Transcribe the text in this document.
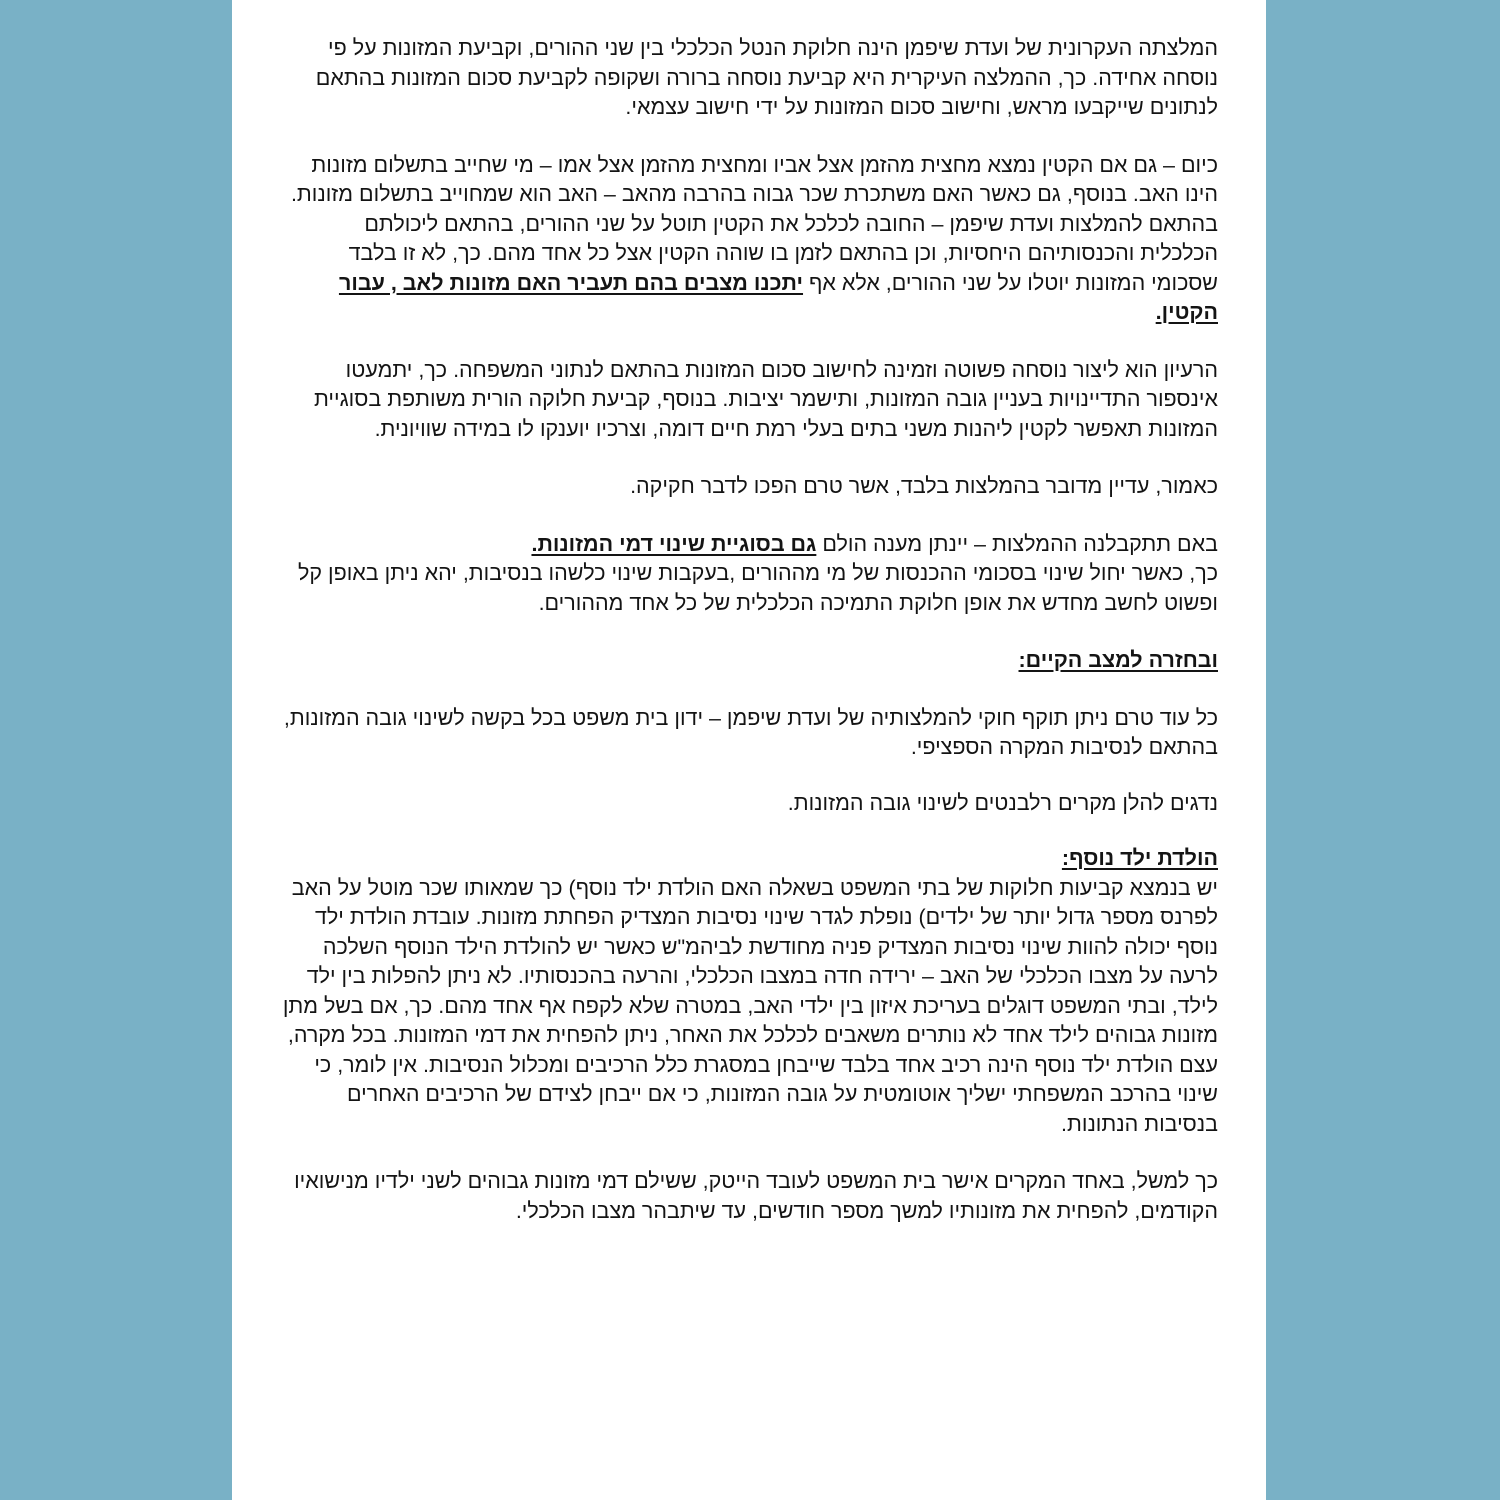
המלצתה העקרונית של ועדת שיפמן הינה חלוקת הנטל הכלכלי בין שני ההורים, וקביעת המזונות על פי נוסחה אחידה. כך, ההמלצה העיקרית היא קביעת נוסחה ברורה ושקופה לקביעת סכום המזונות בהתאם לנתונים שייקבעו מראש, וחישוב סכום המזונות על ידי חישוב עצמאי.

כיום – גם אם הקטין נמצא מחצית מהזמן אצל אביו ומחצית מהזמן אצל אמו – מי שחייב בתשלום מזונות הינו האב. בנוסף, גם כאשר האם משתכרת שכר גבוה בהרבה מהאב – האב הוא שמחוייב בתשלום מזונות.

בהתאם להמלצות ועדת שיפמן – החובה לכלכל את הקטין תוטל על שני ההורים, בהתאם ליכולתם הכלכלית והכנסותיהם היחסיות, וכן בהתאם לזמן בו שוהה הקטין אצל כל אחד מהם. כך, לא זו בלבד שסכומי המזונות יוטלו על שני ההורים, אלא אף יתכנו מצבים בהם תעביר האם מזונות לאב , עבור הקטין.

הרעיון הוא ליצור נוסחה פשוטה וזמינה לחישוב סכום המזונות בהתאם לנתוני המשפחה. כך, יתמעטו אינספור התדיינויות בעניין גובה המזונות, ותישמר יציבות. בנוסף, קביעת חלוקה הורית משותפת בסוגיית המזונות תאפשר לקטין ליהנות משני בתים בעלי רמת חיים דומה, וצרכיו יוענקו לו במידה שוויונית.

כאמור, עדיין מדובר בהמלצות בלבד, אשר טרם הפכו לדבר חקיקה.

באם תתקבלנה ההמלצות – יינתן מענה הולם גם בסוגיית שינוי דמי המזונות.

כך, כאשר יחול שינוי בסכומי ההכנסות של מי מההורים ,בעקבות שינוי כלשהו בנסיבות, יהא ניתן באופן קל ופשוט לחשב מחדש את אופן חלוקת התמיכה הכלכלית של כל אחד מההורים.

ובחזרה למצב הקיים:

כל עוד טרם ניתן תוקף חוקי להמלצותיה של ועדת שיפמן – ידון בית משפט בכל בקשה לשינוי גובה המזונות, בהתאם לנסיבות המקרה הספציפי.

נדגים להלן מקרים רלבנטים לשינוי גובה המזונות.

הולדת ילד נוסף:

יש בנמצא קביעות חלוקות של בתי המשפט בשאלה האם הולדת ילד נוסף) כך שמאותו שכר מוטל על האב לפרנס מספר גדול יותר של ילדים) נופלת לגדר שינוי נסיבות המצדיק הפחתת מזונות. עובדת הולדת ילד נוסף יכולה להוות שינוי נסיבות המצדיק פניה מחודשת לביהמ"ש כאשר יש להולדת הילד הנוסף השלכה לרעה על מצבו הכלכלי של האב – ירידה חדה במצבו הכלכלי, והרעה בהכנסותיו. לא ניתן להפלות בין ילד לילד, ובתי המשפט דוגלים בעריכת איזון בין ילדי האב, במטרה שלא לקפח אף אחד מהם. כך, אם בשל מתן מזונות גבוהים לילד אחד לא נותרים משאבים לכלכל את האחר, ניתן להפחית את דמי המזונות. בכל מקרה, עצם הולדת ילד נוסף הינה רכיב אחד בלבד שייבחן במסגרת כלל הרכיבים ומכלול הנסיבות. אין לומר, כי שינוי בהרכב המשפחתי ישליך אוטומטית על גובה המזונות, כי אם ייבחן לצידם של הרכיבים האחרים בנסיבות הנתונות.

כך למשל, באחד המקרים אישר בית המשפט לעובד הייטק, ששילם דמי מזונות גבוהים לשני ילדיו מנישואיו הקודמים, להפחית את מזונותיו למשך מספר חודשים, עד שיתבהר מצבו הכלכלי.
